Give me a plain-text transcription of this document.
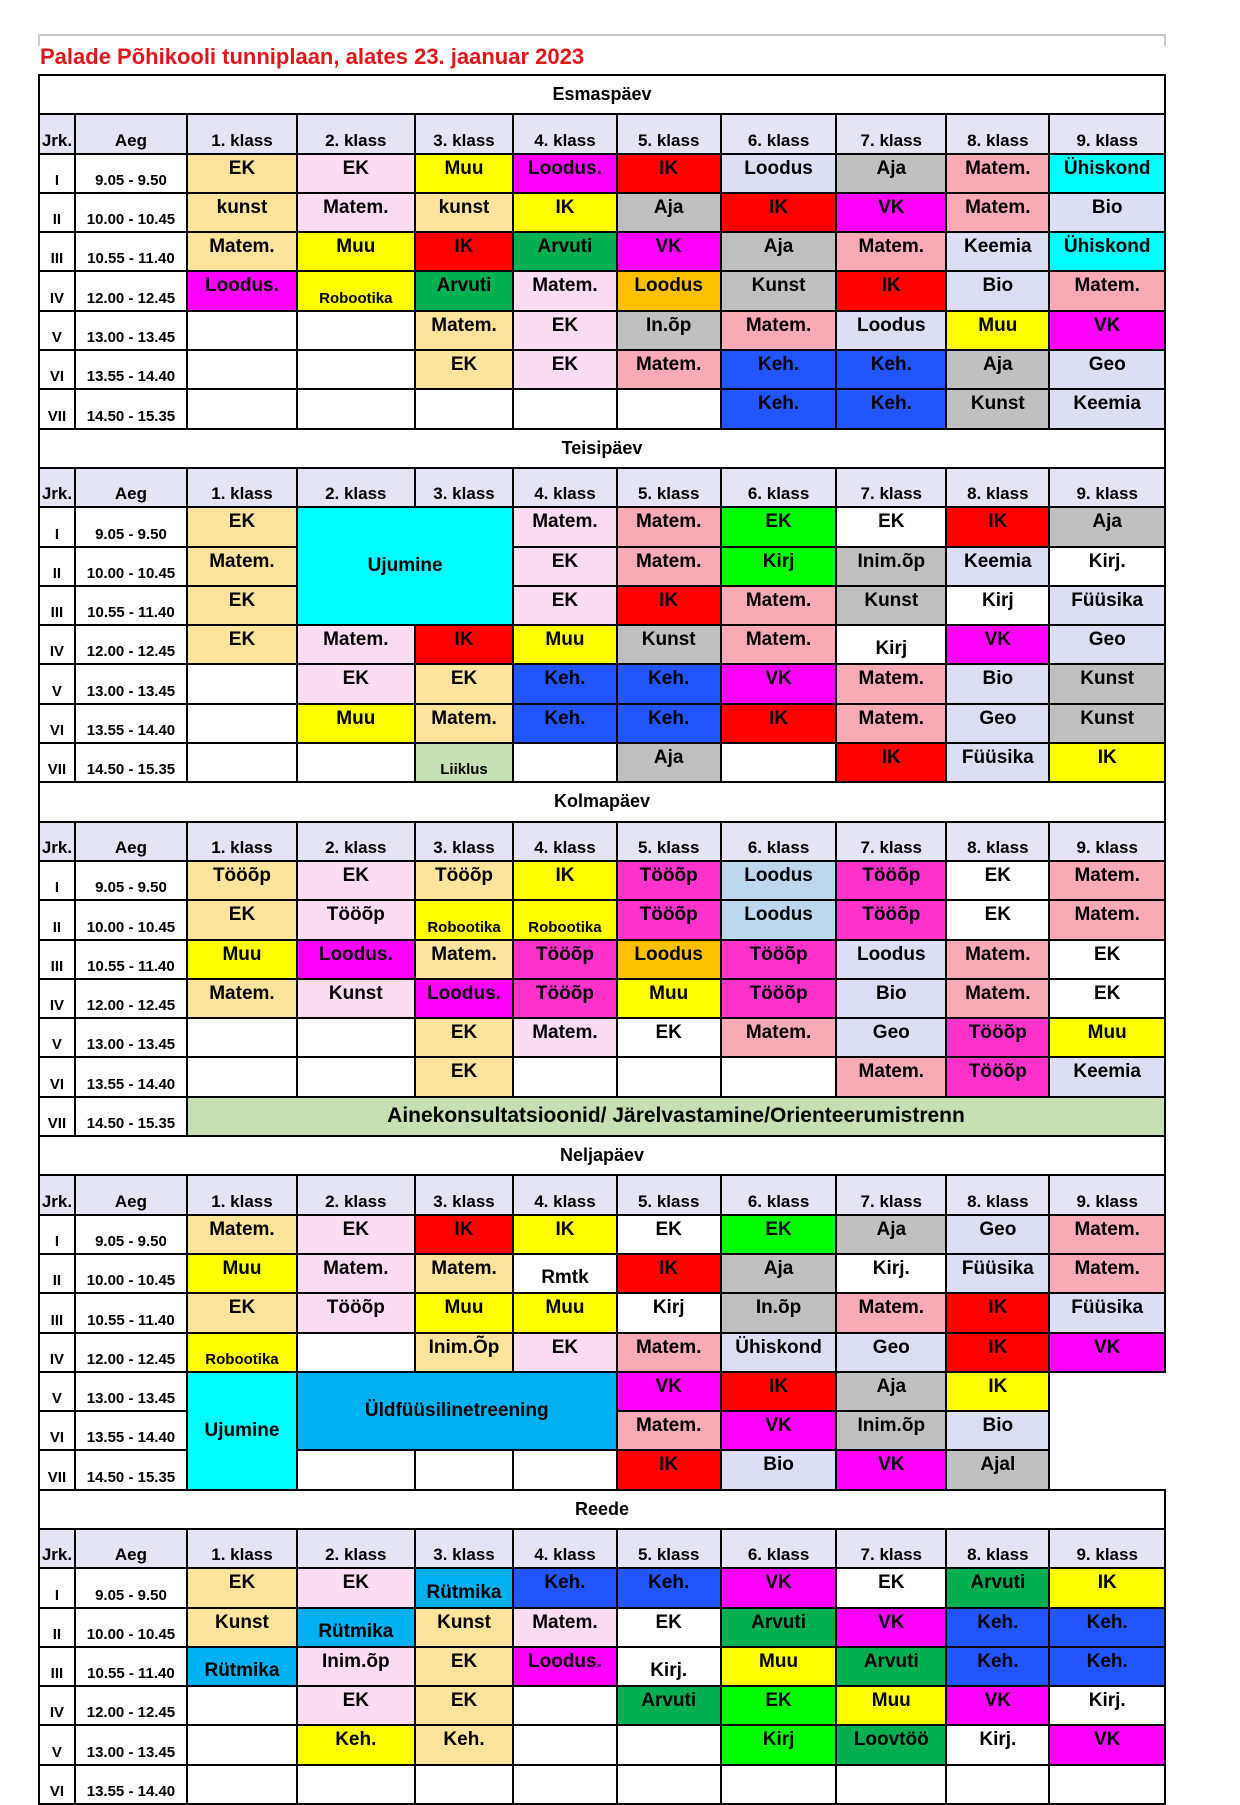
Palade Põhikooli tunniplaan, alates 23. jaanuar 2023
Esmaspäev										
Jrk.	Aeg	1. klass	2. klass	3. klass	4. klass	5. klass	6. klass	7. klass	8. klass	9. klass
I	9.05 - 9.50	EK	EK	Muu	Loodus.	IK	Loodus	Aja	Matem.	Ühiskond
II	10.00 - 10.45	kunst	Matem.	kunst	IK	Aja	IK	VK	Matem.	Bio
III	10.55 - 11.40	Matem.	Muu	IK	Arvuti	VK	Aja	Matem.	Keemia	Ühiskond
IV	12.00 - 12.45	Loodus.	Robootika	Arvuti	Matem.	Loodus	Kunst	IK	Bio	Matem.
V	13.00 - 13.45			Matem.	EK	In.õp	Matem.	Loodus	Muu	VK
VI	13.55 - 14.40			EK	EK	Matem.	Keh.	Keh.	Aja	Geo
VII	14.50 - 15.35						Keh.	Keh.	Kunst	Keemia
Teisipäev										
Jrk.	Aeg	1. klass	2. klass	3. klass	4. klass	5. klass	6. klass	7. klass	8. klass	9. klass
I	9.05 - 9.50	EK	Ujumine		Matem.	Matem.	EK	EK	IK	Aja
II	10.00 - 10.45	Matem.			EK	Matem.	Kirj	Inim.õp	Keemia	Kirj.
III	10.55 - 11.40	EK			EK	IK	Matem.	Kunst	Kirj	Füüsika
IV	12.00 - 12.45	EK	Matem.	IK	Muu	Kunst	Matem.	Kirj	VK	Geo
V	13.00 - 13.45		EK	EK	Keh.	Keh.	VK	Matem.	Bio	Kunst
VI	13.55 - 14.40		Muu	Matem.	Keh.	Keh.	IK	Matem.	Geo	Kunst
VII	14.50 - 15.35			Liiklus		Aja		IK	Füüsika	IK
Kolmapäev										
Jrk.	Aeg	1. klass	2. klass	3. klass	4. klass	5. klass	6. klass	7. klass	8. klass	9. klass
I	9.05 - 9.50	Tööõp	EK	Tööõp	IK	Tööõp	Loodus	Tööõp	EK	Matem.
II	10.00 - 10.45	EK	Tööõp	Robootika	Robootika	Tööõp	Loodus	Tööõp	EK	Matem.
III	10.55 - 11.40	Muu	Loodus.	Matem.	Tööõp	Loodus	Tööõp	Loodus	Matem.	EK
IV	12.00 - 12.45	Matem.	Kunst	Loodus.	Tööõp	Muu	Tööõp	Bio	Matem.	EK
V	13.00 - 13.45			EK	Matem.	EK	Matem.	Geo	Tööõp	Muu
VI	13.55 - 14.40			EK				Matem.	Tööõp	Keemia
VII	14.50 - 15.35	Ainekonsultatsioonid/ Järelvastamine/Orienteerumistrenn								
Neljapäev										
Jrk.	Aeg	1. klass	2. klass	3. klass	4. klass	5. klass	6. klass	7. klass	8. klass	9. klass
I	9.05 - 9.50	Matem.	EK	IK	IK	EK	EK	Aja	Geo	Matem.
II	10.00 - 10.45	Muu	Matem.	Matem.	Rmtk	IK	Aja	Kirj.	Füüsika	Matem.
III	10.55 - 11.40	EK	Tööõp	Muu	Muu	Kirj	In.õp	Matem.	IK	Füüsika
IV	12.00 - 12.45	Robootika		Inim.Õp	EK	Matem.	Ühiskond	Geo	IK	VK
V	13.00 - 13.45	Ujumine	Üldfüüsilinetreening			VK	IK	Aja	IK	
VI	13.55 - 14.40					Matem.	VK	Inim.õp	Bio	
VII	14.50 - 15.35					IK	Bio	VK	Ajal	
Reede										
Jrk.	Aeg	1. klass	2. klass	3. klass	4. klass	5. klass	6. klass	7. klass	8. klass	9. klass
I	9.05 - 9.50	EK	EK	Rütmika	Keh.	Keh.	VK	EK	Arvuti	IK
II	10.00 - 10.45	Kunst	Rütmika	Kunst	Matem.	EK	Arvuti	VK	Keh.	Keh.
III	10.55 - 11.40	Rütmika	Inim.õp	EK	Loodus.	Kirj.	Muu	Arvuti	Keh.	Keh.
IV	12.00 - 12.45		EK	EK		Arvuti	EK	Muu	VK	Kirj.
V	13.00 - 13.45		Keh.	Keh.			Kirj	Loovtöö	Kirj.	VK
VI	13.55 - 14.40									
